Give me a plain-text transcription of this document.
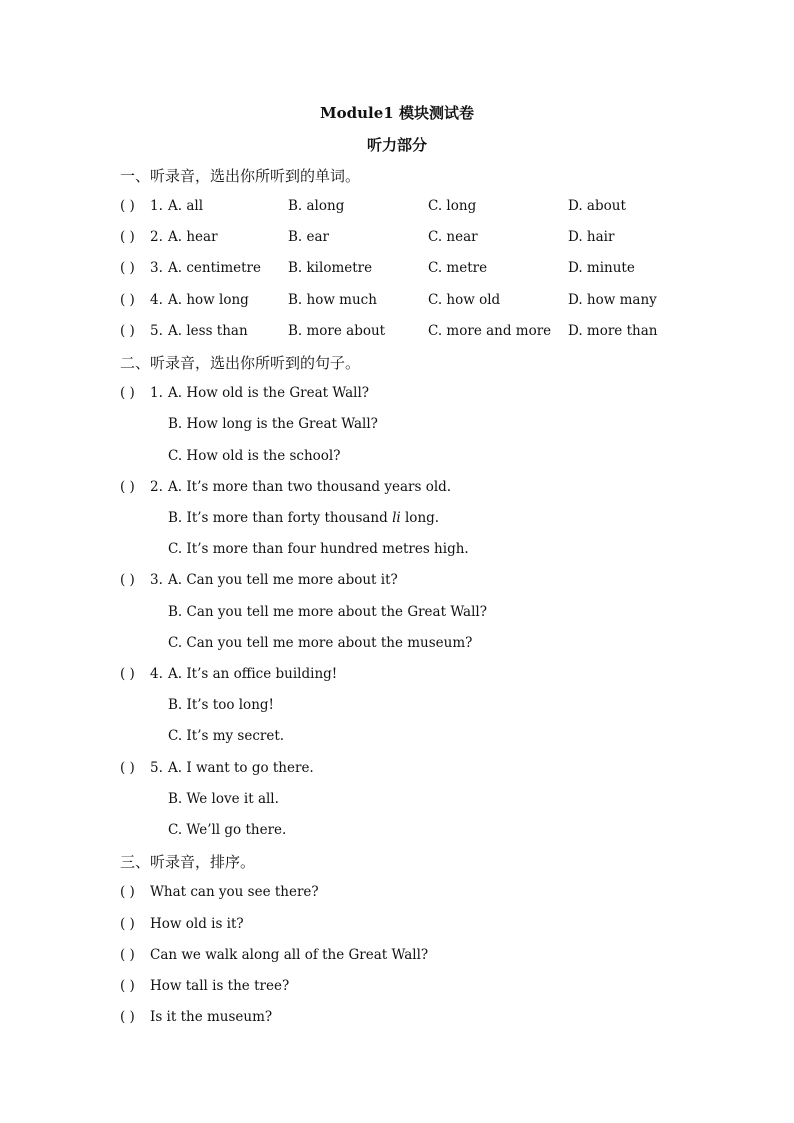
Module1 模块测试卷
听力部分
一、听录音，选出你所听到的单词。
( ) 1. A. all	B. along	C. long	D. about
( ) 2. A. hear	B. ear	C. near	D. hair
( ) 3. A. centimetre B. kilometre	C. metre	D. minute
( ) 4. A. how long	B. how much	C. how old	D. how many
( ) 5. A. less than	B. more about	C. more and more D. more than
二、听录音，选出你所听到的句子。
( ) 1. A. How old is the Great Wall?
B. How long is the Great Wall?
C. How old is the school?
( ) 2. A. It’s more than two thousand years old.
B. It’s more than forty thousand li long.
C. It’s more than four hundred metres high.
( ) 3. A. Can you tell me more about it?
B. Can you tell me more about the Great Wall?
C. Can you tell me more about the museum?
( ) 4. A. It’s an office building!
B. It’s too long!
C. It’s my secret.
( ) 5. A. I want to go there.
B. We love it all.
C. We’ll go there.
三、听录音，排序。
( ) What can you see there?
( ) How old is it?
( ) Can we walk along all of the Great Wall?
( ) How tall is the tree?
( ) Is it the museum?
